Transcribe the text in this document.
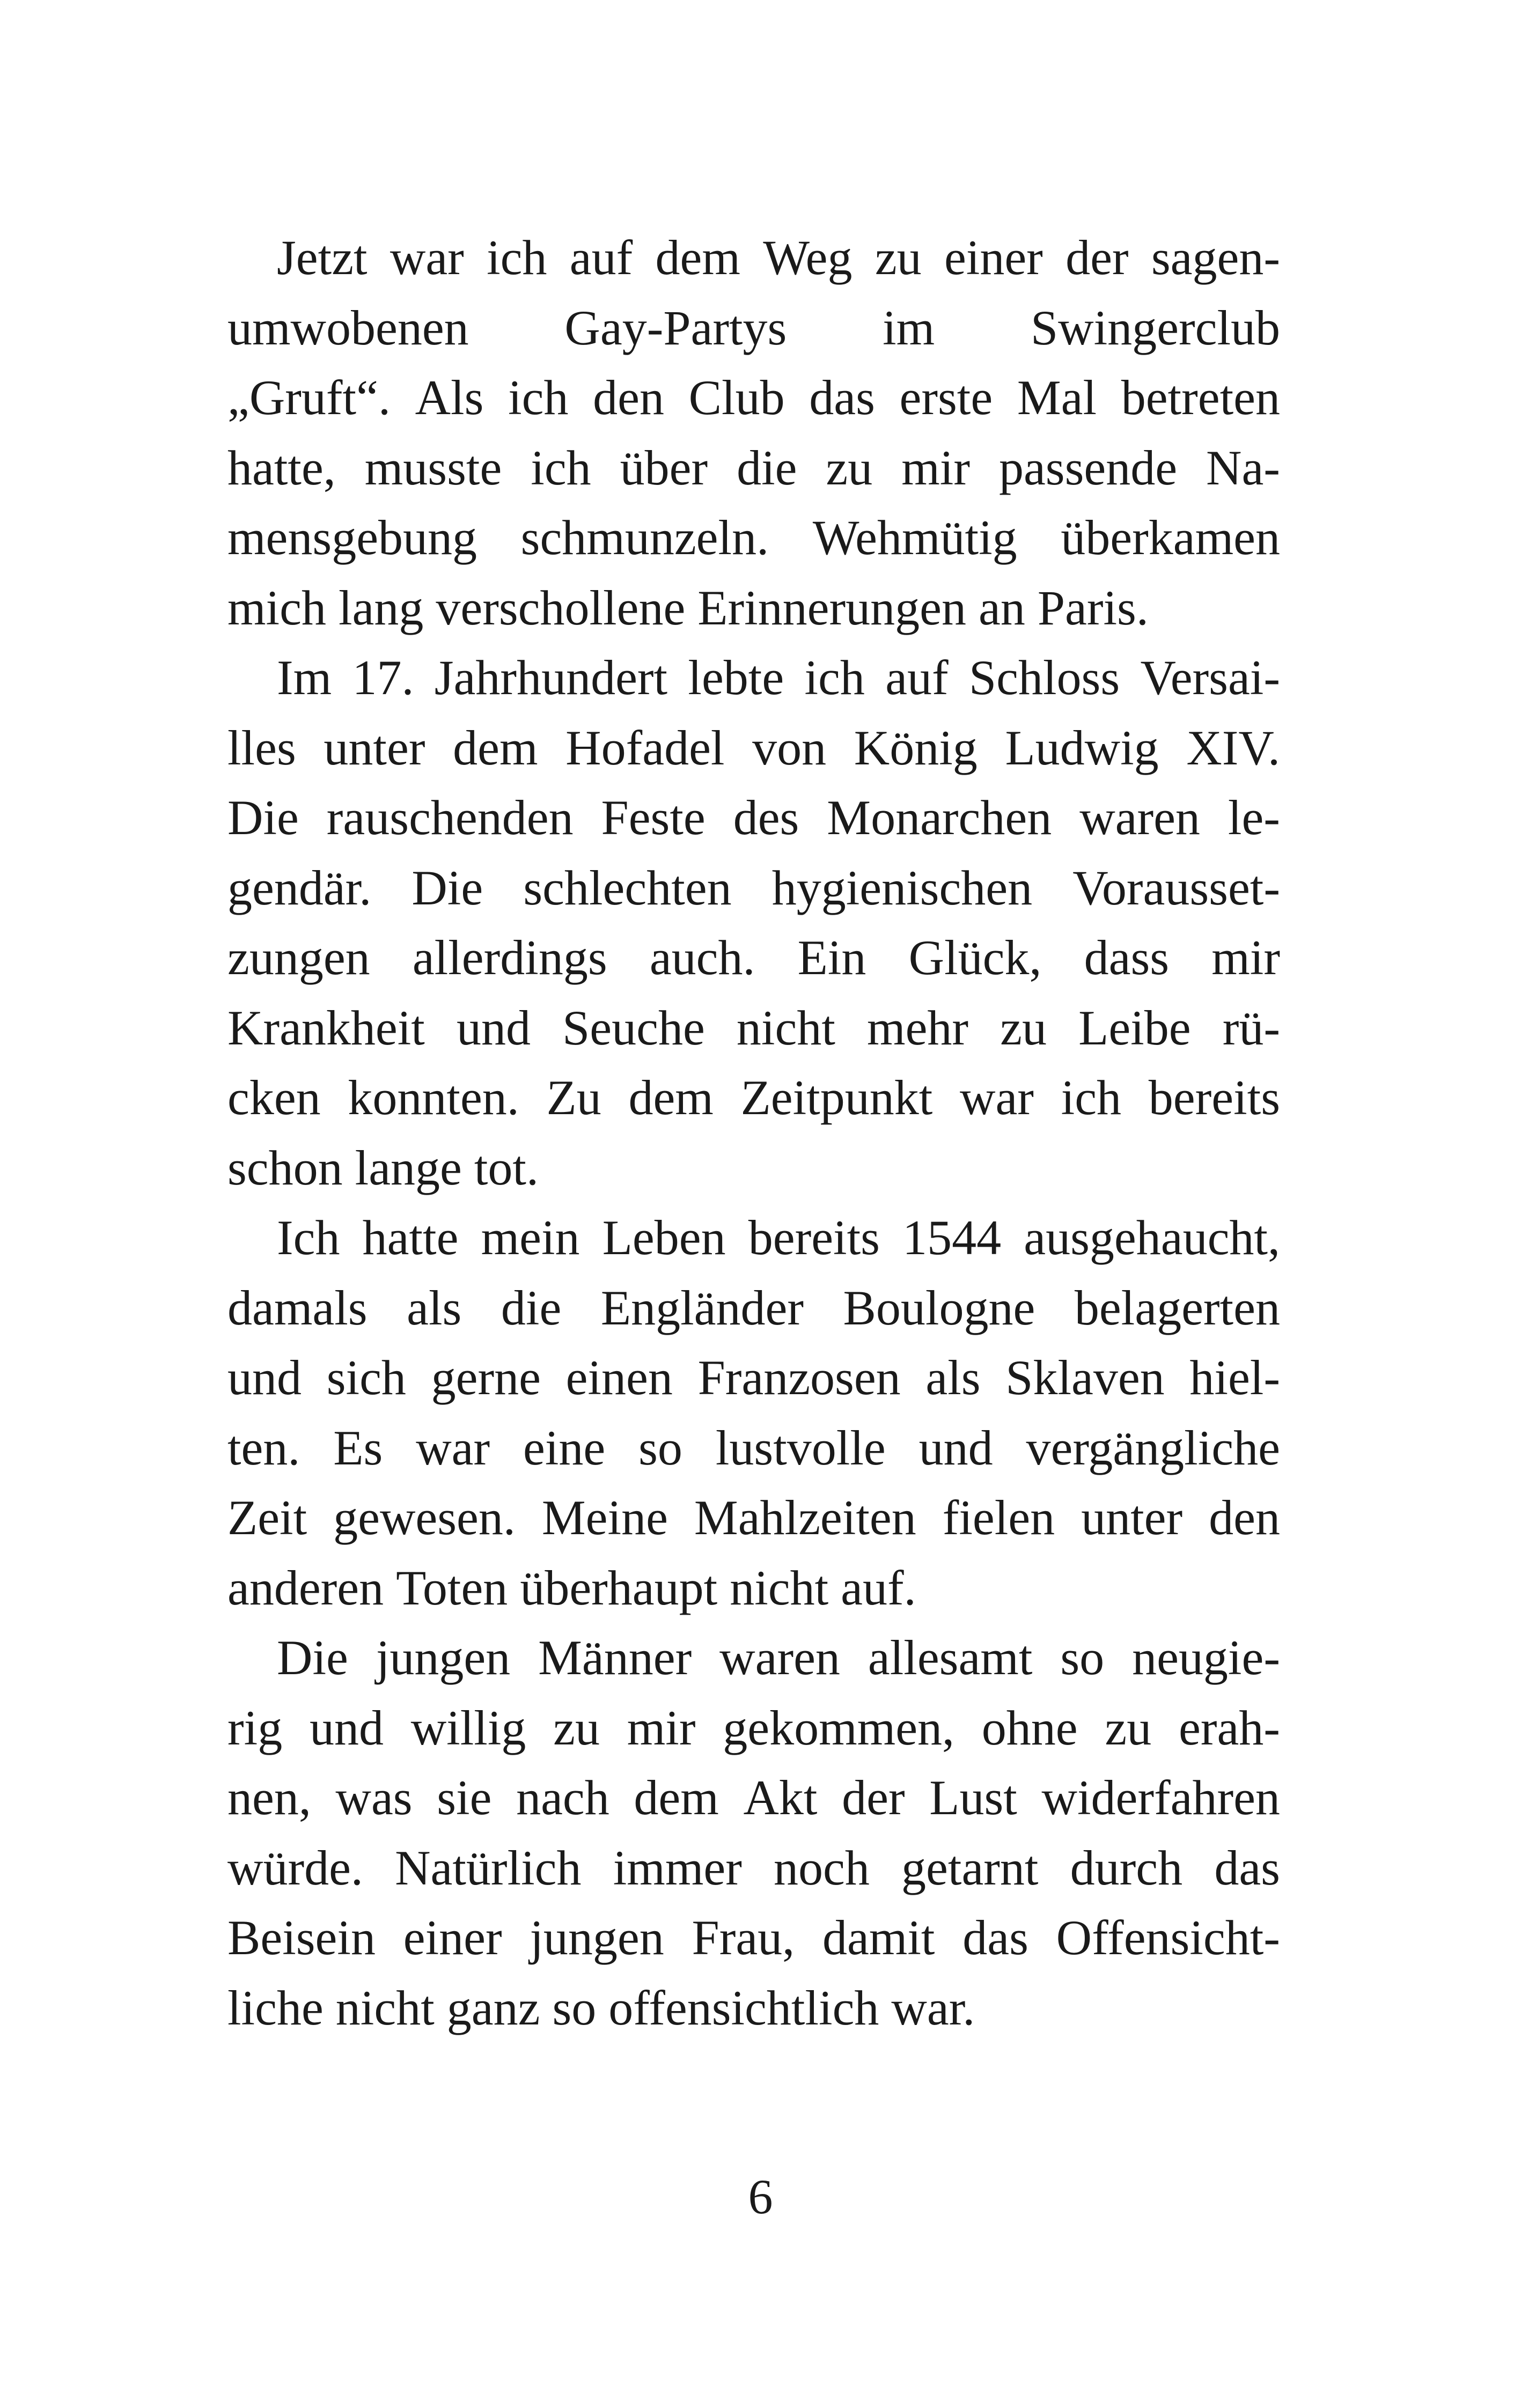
Jetzt war ich auf dem Weg zu einer der sagen-
umwobenen Gay-Partys im Swingerclub
„Gruft“. Als ich den Club das erste Mal betreten
hatte, musste ich über die zu mir passende Na-
mensgebung schmunzeln. Wehmütig überkamen
mich lang verschollene Erinnerungen an Paris.
Im 17. Jahrhundert lebte ich auf Schloss Versai-
lles unter dem Hofadel von König Ludwig XIV.
Die rauschenden Feste des Monarchen waren le-
gendär. Die schlechten hygienischen Vorausset-
zungen allerdings auch. Ein Glück, dass mir
Krankheit und Seuche nicht mehr zu Leibe rü-
cken konnten. Zu dem Zeitpunkt war ich bereits
schon lange tot.
Ich hatte mein Leben bereits 1544 ausgehaucht,
damals als die Engländer Boulogne belagerten
und sich gerne einen Franzosen als Sklaven hiel-
ten. Es war eine so lustvolle und vergängliche
Zeit gewesen. Meine Mahlzeiten fielen unter den
anderen Toten überhaupt nicht auf.
Die jungen Männer waren allesamt so neugie-
rig und willig zu mir gekommen, ohne zu erah-
nen, was sie nach dem Akt der Lust widerfahren
würde. Natürlich immer noch getarnt durch das
Beisein einer jungen Frau, damit das Offensicht-
liche nicht ganz so offensichtlich war.
6
